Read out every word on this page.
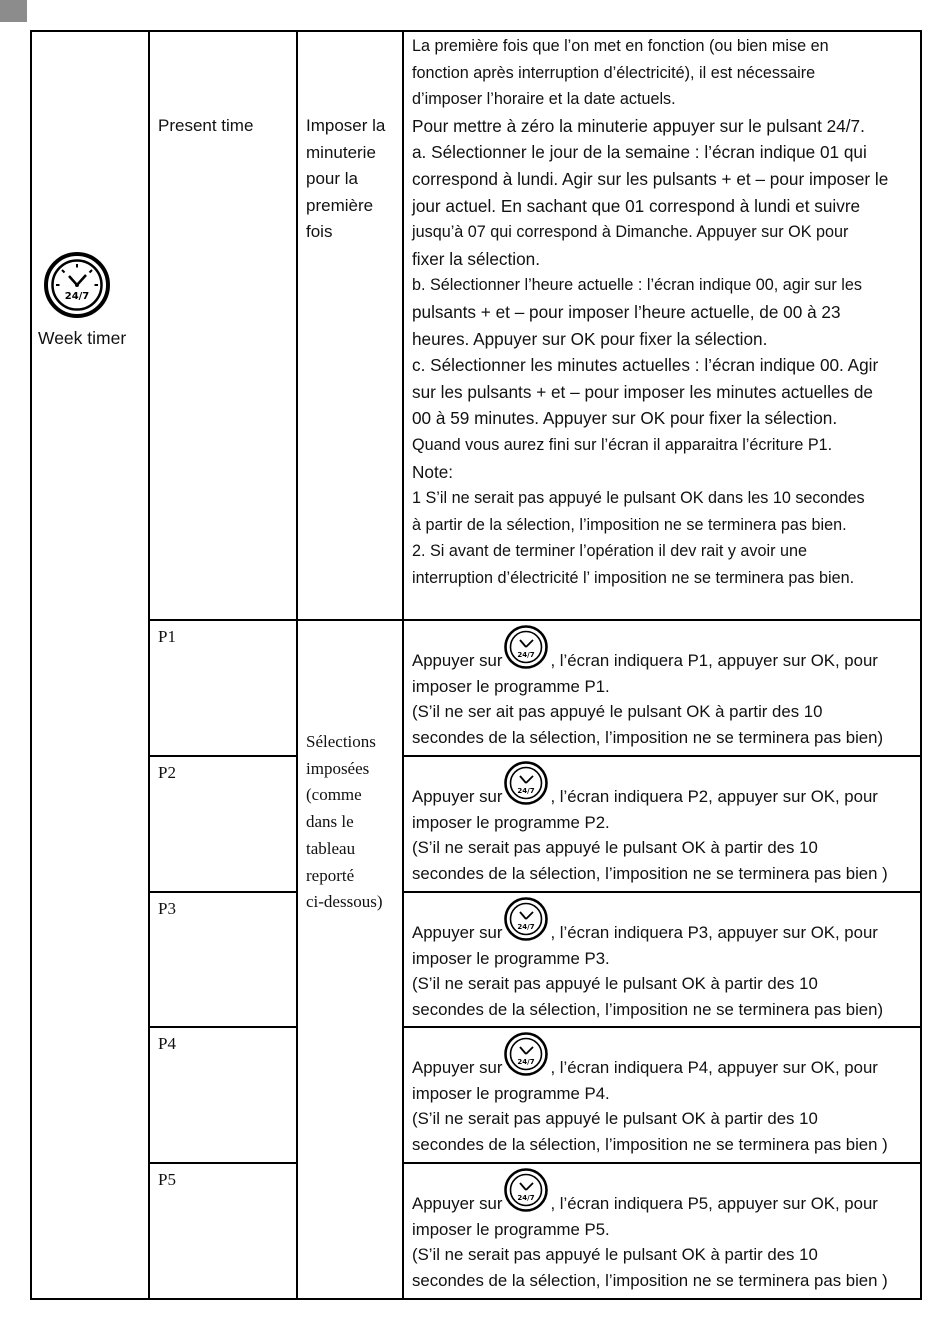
24/7
Week timer
Present time	Imposer la
minuterie
pour la
première
fois
La première fois que l’on met en fonction (ou bien mise en
fonction après interruption d’électricité), il est nécessaire
d’imposer l’horaire et la date actuels.
Pour mettre à zéro la minuterie appuyer sur le pulsant 24/7.
a. Sélectionner le jour de la semaine : l’écran indique 01 qui
correspond à lundi. Agir sur les pulsants + et – pour imposer le
jour actuel. En sachant que 01 correspond à lundi et suivre
jusqu’à 07 qui correspond à Dimanche. Appuyer sur OK pour
fixer la sélection.
b. Sélectionner l’heure actuelle : l’écran indique 00, agir sur les
pulsants + et – pour imposer l’heure actuelle, de 00 à 23
heures. Appuyer sur OK pour fixer la sélection.
c. Sélectionner les minutes actuelles : l’écran indique 00. Agir
sur les pulsants + et – pour imposer les minutes actuelles de
00 à 59 minutes. Appuyer sur OK pour fixer la sélection.
Quand vous aurez fini sur l’écran il apparaitra l’écriture P1.
Note:
1 S’il ne serait pas appuyé le pulsant OK dans les 10 secondes
à partir de la sélection, l’imposition ne se terminera pas bien.
2. Si avant de terminer l’opération il dev rait y avoir une
interruption d’électricité l’ imposition ne se terminera pas bien.
Sélections
imposées
(comme
dans le
tableau
reporté
ci-dessous)
P1
P2
P3
P4
P5
Appuyer sur 24/7 , l’écran indiquera P1, appuyer sur OK, pour
imposer le programme P1.
(S’il ne ser ait pas appuyé le pulsant OK à partir des 10
secondes de la sélection, l’imposition ne se terminera pas bien)
Appuyer sur 24/7 , l’écran indiquera P2, appuyer sur OK, pour
imposer le programme P2.
(S’il ne serait pas appuyé le pulsant OK à partir des 10
secondes de la sélection, l’imposition ne se terminera pas bien )
Appuyer sur 24/7 , l’écran indiquera P3, appuyer sur OK, pour
imposer le programme P3.
(S’il ne serait pas appuyé le pulsant OK à partir des 10
secondes de la sélection, l’imposition ne se terminera pas bien)
Appuyer sur 24/7 , l’écran indiquera P4, appuyer sur OK, pour
imposer le programme P4.
(S’il ne serait pas appuyé le pulsant OK à partir des 10
secondes de la sélection, l’imposition ne se terminera pas bien )
Appuyer sur 24/7 , l’écran indiquera P5, appuyer sur OK, pour
imposer le programme P5.
(S’il ne serait pas appuyé le pulsant OK à partir des 10
secondes de la sélection, l’imposition ne se terminera pas bien )
